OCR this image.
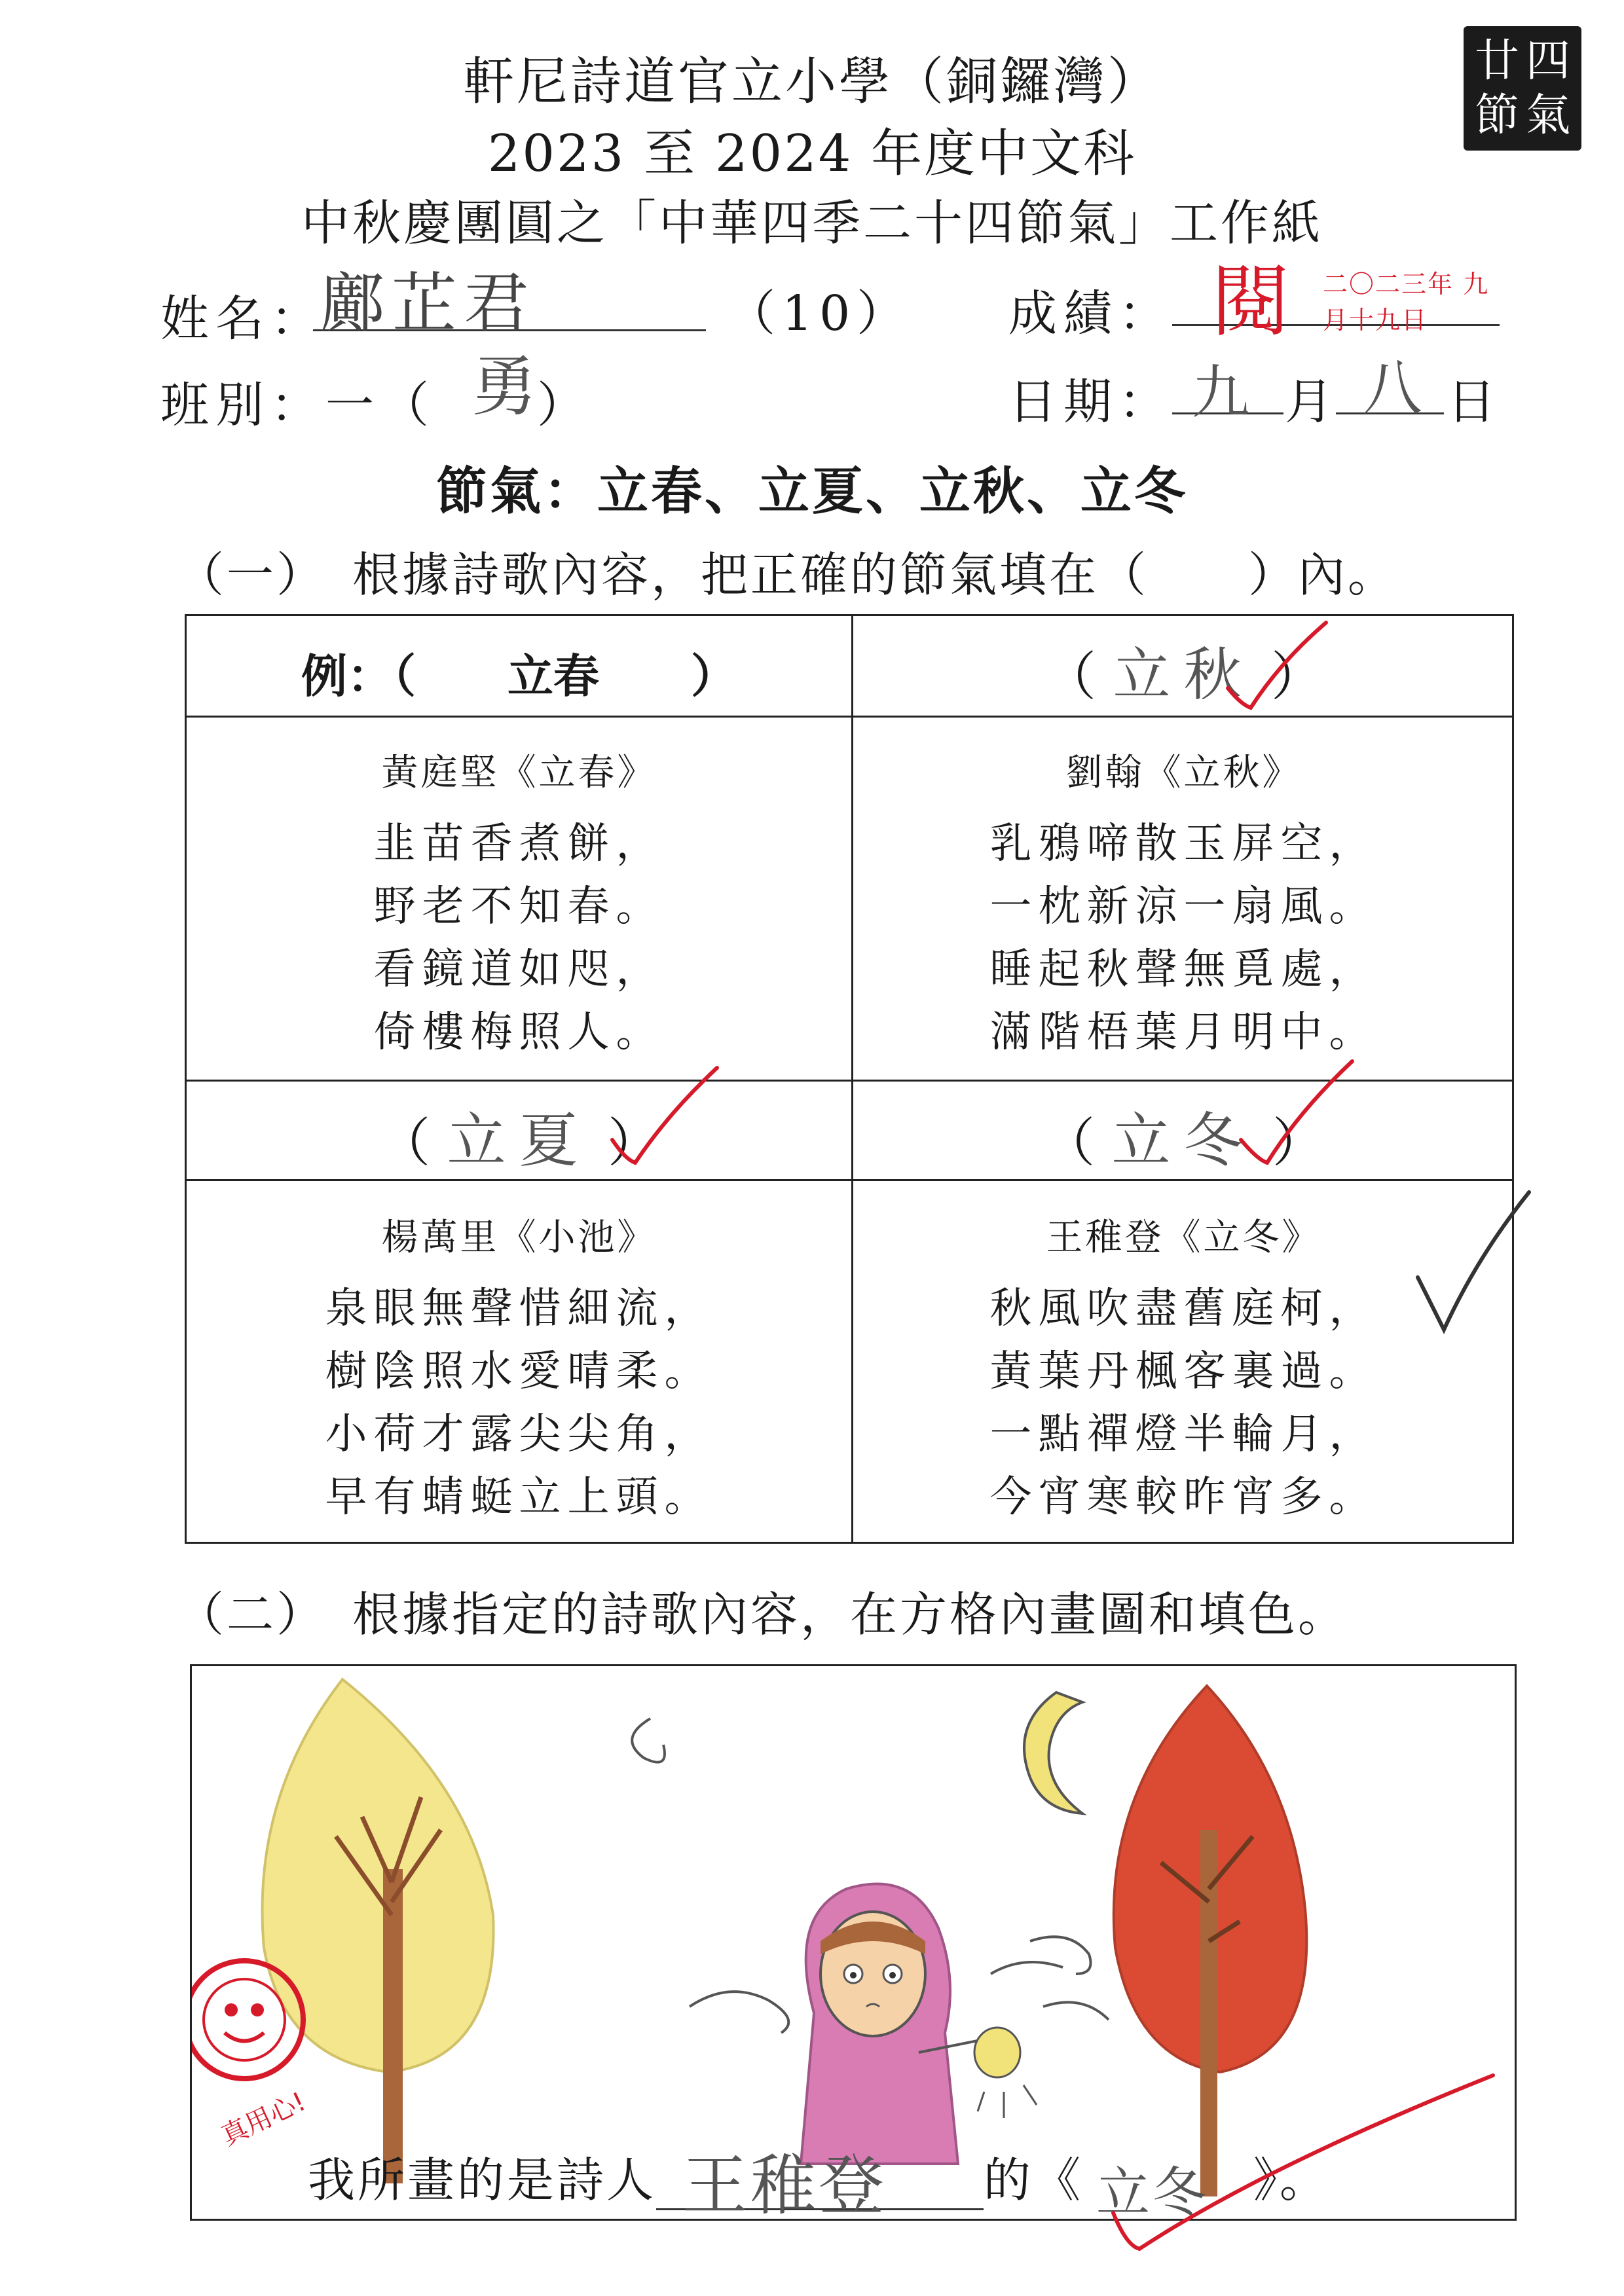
軒尼詩道官立小學（銅鑼灣）
2023 至 2024 年度中文科
中秋慶團圓之「中華四季二十四節氣」工作紙
廿 四
節 氣
姓名：
鄺芷君	（10） 成績： 閱 二〇二三年 九月十九日
班別：一（ 勇 ）	日期： 九 月 八 日
節氣：立春、立夏、立秋、立冬
（一）　根據詩歌內容，把正確的節氣填在（　　）內。
例：（　　立春　　）	（ 立秋 ）
黃庭堅《立春》
韭苗香煮餅，
野老不知春。
看鏡道如咫，
倚樓梅照人。
劉翰《立秋》
乳鴉啼散玉屏空，
一枕新涼一扇風。
睡起秋聲無覓處，
滿階梧葉月明中。
（ 立夏 ）	（ 立冬 ）
楊萬里《小池》
泉眼無聲惜細流，
樹陰照水愛晴柔。
小荷才露尖尖角，
早有蜻蜓立上頭。
王稚登《立冬》
秋風吹盡舊庭柯，
黃葉丹楓客裏過。
一點禪燈半輪月，
今宵寒較昨宵多。
（二）　根據指定的詩歌內容，在方格內畫圖和填色。
真用心!
我所畫的是詩人 王稚登 的《 立冬 》。
